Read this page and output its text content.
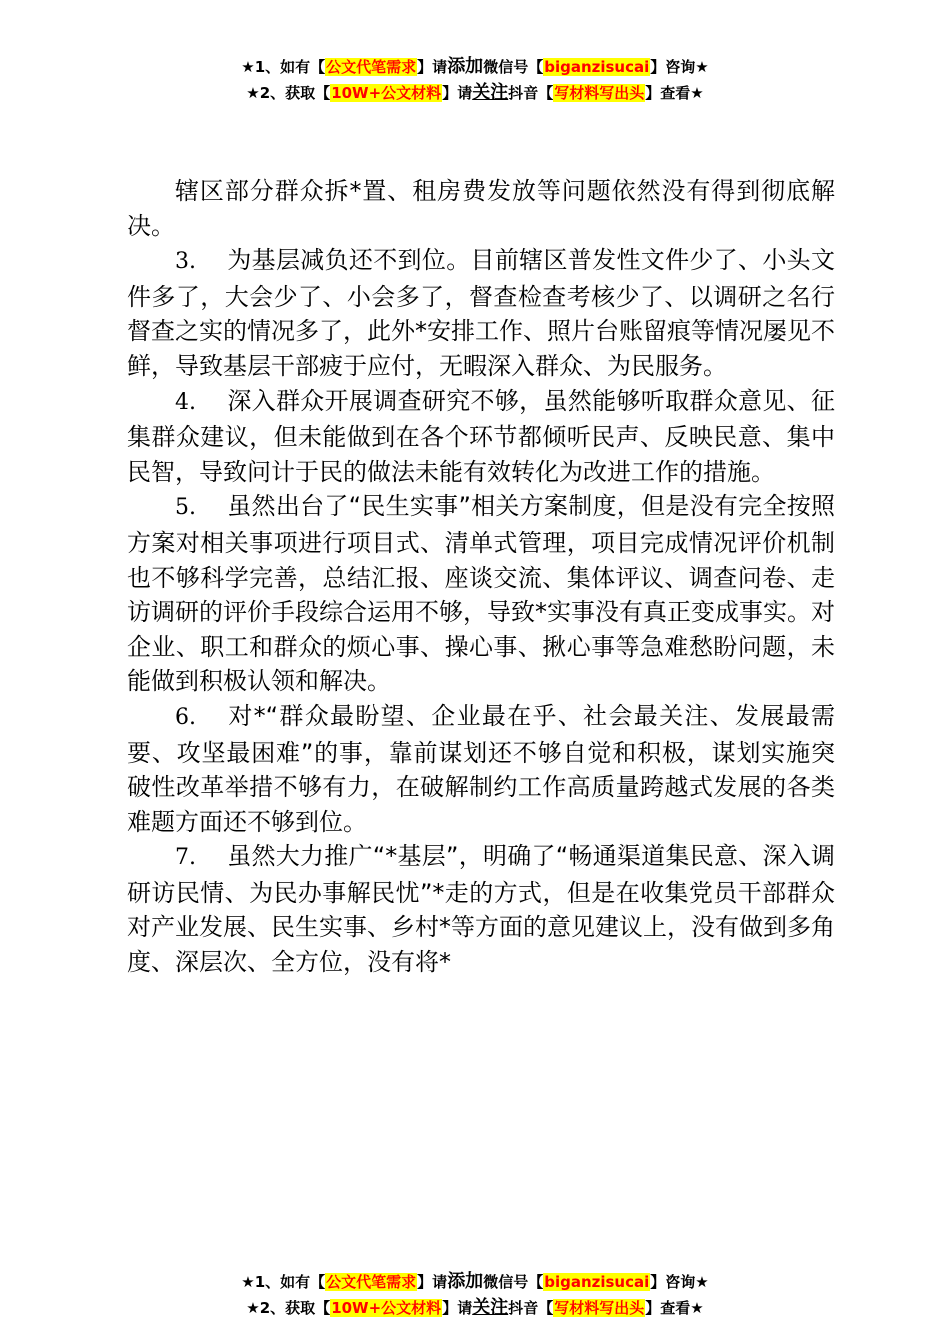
★1、如有【公文代笔需求】请添加微信号【biganzisucai】咨询★
★2、获取【10W+公文材料】请关注抖音【写材料写出头】查看★

辖区部分群众拆*置、租房费发放等问题依然没有得到彻底解决。

3. 为基层减负还不到位。目前辖区普发性文件少了、小头文件多了，大会少了、小会多了，督查检查考核少了、以调研之名行督查之实的情况多了，此外*安排工作、照片台账留痕等情况屡见不鲜，导致基层干部疲于应付，无暇深入群众、为民服务。

4. 深入群众开展调查研究不够，虽然能够听取群众意见、征集群众建议，但未能做到在各个环节都倾听民声、反映民意、集中民智，导致问计于民的做法未能有效转化为改进工作的措施。

5. 虽然出台了“民生实事”相关方案制度，但是没有完全按照方案对相关事项进行项目式、清单式管理，项目完成情况评价机制也不够科学完善，总结汇报、座谈交流、集体评议、调查问卷、走访调研的评价手段综合运用不够，导致*实事没有真正变成事实。对企业、职工和群众的烦心事、操心事、揪心事等急难愁盼问题，未能做到积极认领和解决。

6. 对*“群众最盼望、企业最在乎、社会最关注、发展最需要、攻坚最困难”的事，靠前谋划还不够自觉和积极，谋划实施突破性改革举措不够有力，在破解制约工作高质量跨越式发展的各类难题方面还不够到位。

7. 虽然大力推广“*基层”，明确了“畅通渠道集民意、深入调研访民情、为民办事解民忧”*走的方式，但是在收集党员干部群众对产业发展、民生实事、乡村*等方面的意见建议上，没有做到多角度、深层次、全方位，没有将*

★1、如有【公文代笔需求】请添加微信号【biganzisucai】咨询★
★2、获取【10W+公文材料】请关注抖音【写材料写出头】查看★
